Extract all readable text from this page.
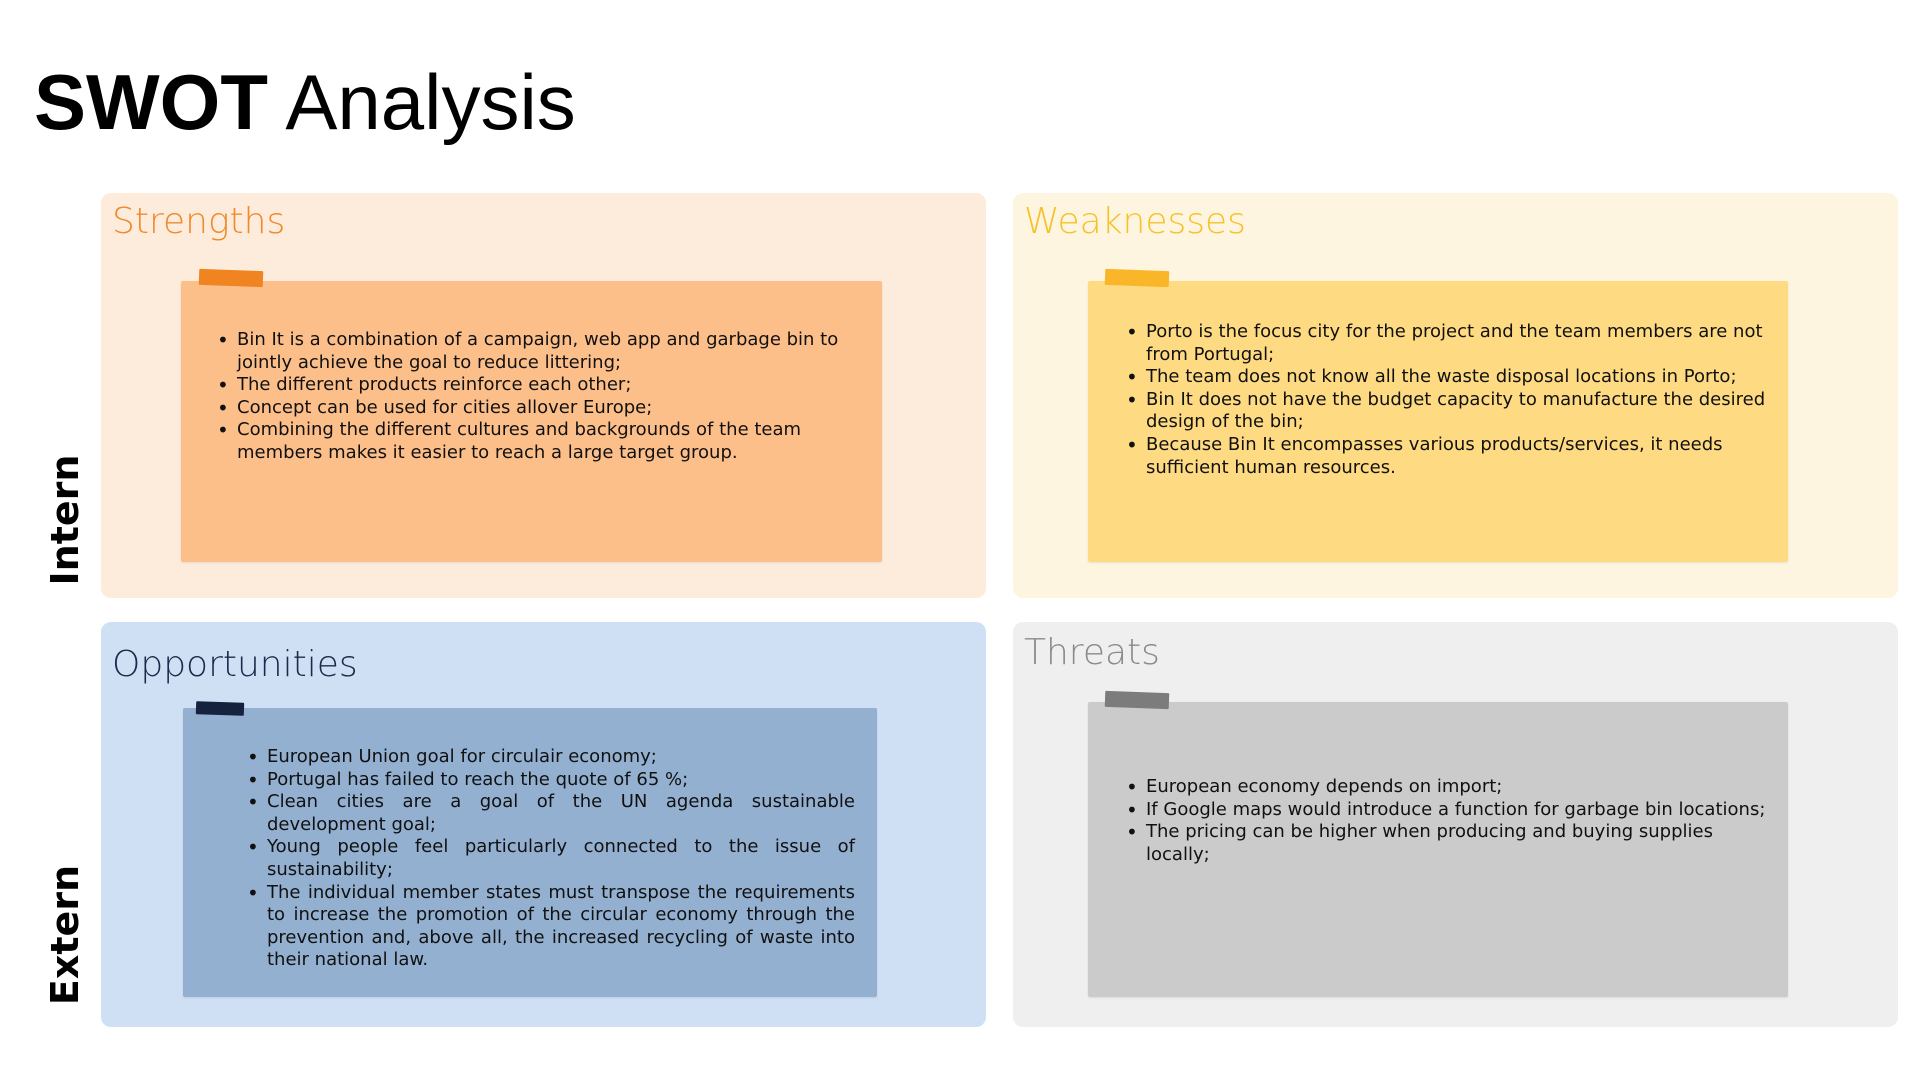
SWOT Analysis
Intern
Extern
Strengths
• Bin It is a combination of a campaign, web app and garbage bin to jointly achieve the goal to reduce littering;
• The different products reinforce each other;
• Concept can be used for cities allover Europe;
• Combining the different cultures and backgrounds of the team members makes it easier to reach a large target group.
Weaknesses
• Porto is the focus city for the project and the team members are not from Portugal;
• The team does not know all the waste disposal locations in Porto;
• Bin It does not have the budget capacity to manufacture the desired design of the bin;
• Because Bin It encompasses various products/services, it needs sufficient human resources.
Opportunities
• European Union goal for circulair economy;
• Portugal has failed to reach the quote of 65 %;
• Clean cities are a goal of the UN agenda sustainable development goal;
• Young people feel particularly connected to the issue of sustainability;
• The individual member states must transpose the requirements to increase the promotion of the circular economy through the prevention and, above all, the increased recycling of waste into their national law.
Threats
• European economy depends on import;
• If Google maps would introduce a function for garbage bin locations;
• The pricing can be higher when producing and buying supplies locally;
